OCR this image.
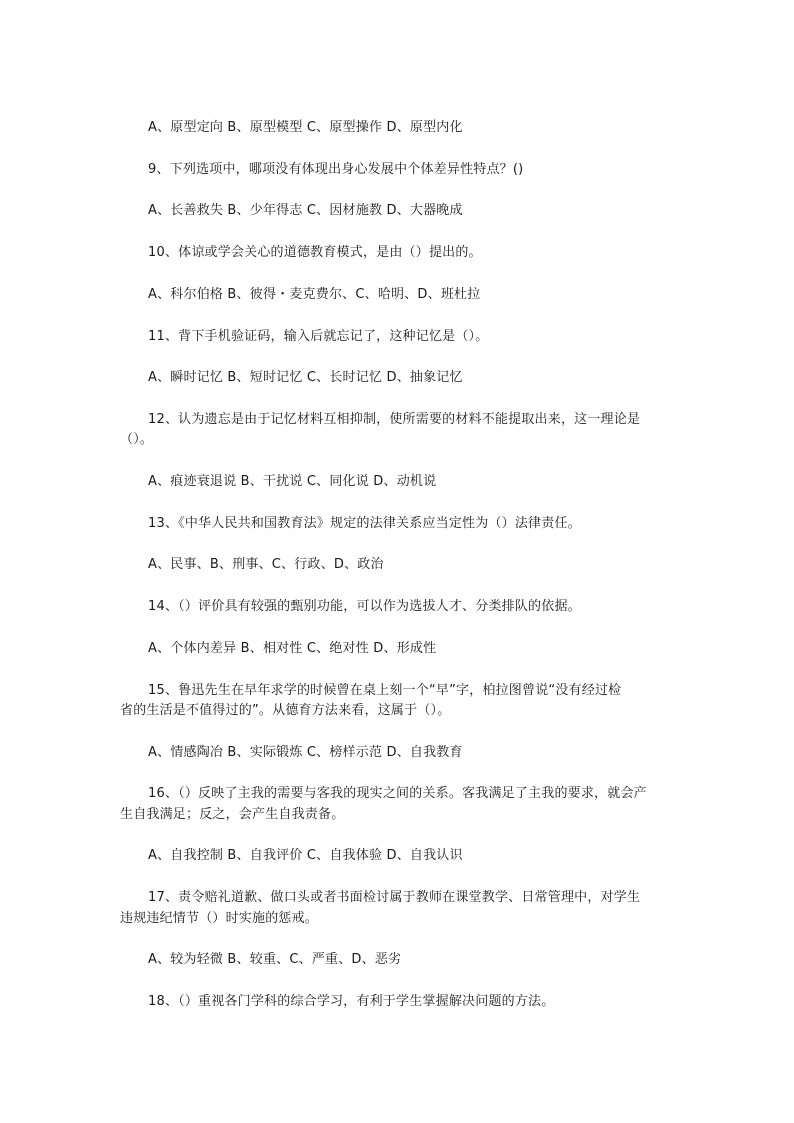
A、原型定向 B、原型模型 C、原型操作 D、原型内化
9、下列选项中，哪项没有体现出身心发展中个体差异性特点？()
A、长善救失 B、少年得志 C、因材施教 D、大器晚成
10、体谅或学会关心的道德教育模式，是由（）提出的。
A、科尔伯格 B、彼得・麦克费尔、C、哈明、D、班杜拉
11、背下手机验证码，输入后就忘记了，这种记忆是（）。
A、瞬时记忆 B、短时记忆 C、长时记忆 D、抽象记忆
12、认为遗忘是由于记忆材料互相抑制，使所需要的材料不能提取出来，这一理论是
（）。
A、痕迹衰退说 B、干扰说 C、同化说 D、动机说
13、《中华人民共和国教育法》规定的法律关系应当定性为（）法律责任。
A、民事、B、刑事、C、行政、D、政治
14、（）评价具有较强的甄别功能，可以作为选拔人才、分类排队的依据。
A、个体内差异 B、相对性 C、绝对性 D、形成性
15、鲁迅先生在早年求学的时候曾在桌上刻一个“早”字，柏拉图曾说“没有经过检
省的生活是不值得过的”。从德育方法来看，这属于（）。
A、情感陶冶 B、实际锻炼 C、榜样示范 D、自我教育
16、（）反映了主我的需要与客我的现实之间的关系。客我满足了主我的要求，就会产
生自我满足；反之，会产生自我责备。
A、自我控制 B、自我评价 C、自我体验 D、自我认识
17、责令赔礼道歉、做口头或者书面检讨属于教师在课堂教学、日常管理中，对学生
违规违纪情节（）时实施的惩戒。
A、较为轻微 B、较重、C、严重、D、恶劣
18、（）重视各门学科的综合学习，有利于学生掌握解决问题的方法。
